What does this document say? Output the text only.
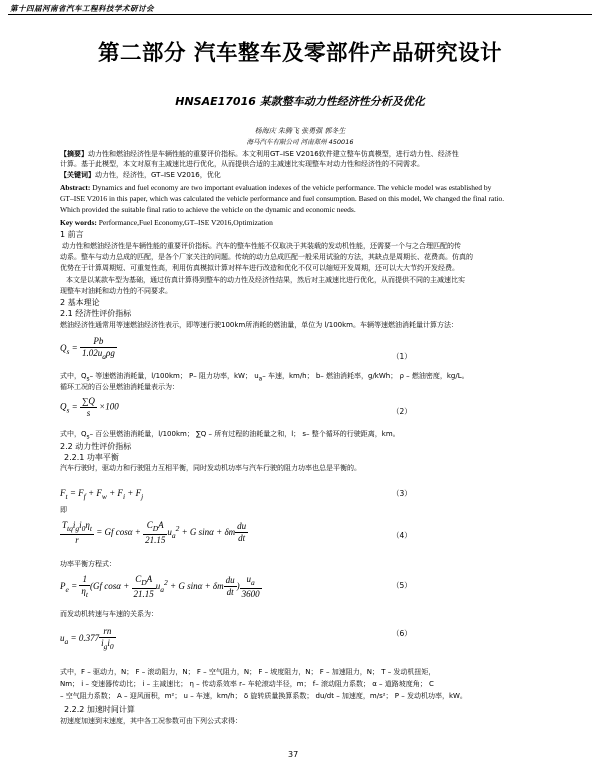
第十四届河南省汽车工程科技学术研讨会
第二部分 汽车整车及零部件产品研究设计
HNSAE17016 某款整车动力性经济性分析及优化
杨海庆 朱腾飞 张勇强 郭冬生
海马汽车有限公司 河南郑州 450016
【摘要】动力性和燃油经济性是车辆性能的重要评价指标。本文利用GT–ISE V2016软件建立整车仿真模型，进行动力性、经济性
计算。基于此模型，本文对原有主减速比进行优化，从而提供合适的主减速比实现整车对动力性和经济性的不同需求。
【关键词】动力性，经济性，GT–ISE V2016，优化
Abstract: Dynamics and fuel economy are two important evaluation indexes of the vehicle performance. The vehicle model was established by
GT–ISE V2016 in this paper, which was calculated the vehicle performance and fuel consumption. Based on this model, We changed the final ratio.
Which provided the suitable final ratio to achieve the vehicle on the dynamic and economic needs.
Key words: Performance,Fuel Economy,GT–ISE V2016,Optimization
1 前言
动力性和燃油经济性是车辆性能的重要评价指标。汽车的整车性能不仅取决于其装载的发动机性能，还需要一个与之合理匹配的传
动系。整车与动力总成的匹配，是各个厂家关注的问题。传统的动力总成匹配一般采用试验的方法，其缺点是周期长、花费高。仿真的
优势在于计算周期短、可重复性高，利用仿真模拟计算对样车进行改造和优化不仅可以缩短开发周期，还可以大大节约开发经费。
本文是以某款车型为基础，通过仿真计算得到整车的动力性及经济性结果，然后对主减速比进行优化，从而提供不同的主减速比实
现整车对油耗和动力性的不同要求。
2 基本理论
2.1 经济性评价指标
燃油经济性通常用等速燃油经济性表示，即等速行驶100km所消耗的燃油量，单位为 l/100km。车辆等速燃油消耗量计算方法：
$Q_s = \frac{Pb}{1.02u_a\rho g}$	（1）
式中，$Q_s-$ 等速燃油消耗量，l/100km； P– 阻力功率，kW； $u_a-$ 车速，km/h； b– 燃油消耗率，g/kWh； ρ – 燃油密度，kg/L。
循环工况的百公里燃油消耗量表示为：
$Q_s = \frac{\sum Q}{s} \times 100$	（2）
式中，$Q_s-$ 百公里燃油消耗量，l/100km； ∑Q – 所有过程的油耗量之和，l； s– 整个循环的行驶距离，km。
2.2 动力性评价指标
2.2.1 功率平衡
汽车行驶时，驱动力和行驶阻力互相平衡，同时发动机功率与汽车行驶的阻力功率也总是平衡的。
$F_t = F_f + F_w + F_i + F_j$	（3）
即
$\frac{T_{tq}i_gi_0\eta_t}{r} = Gf$ $\cos\alpha + \frac{C_DA}{21.15} u_a^2 + G$ sinα + δm $\frac{du}{dt}$	（4）
功率平衡方程式：
$P_e = \frac{1}{\eta_t} (Gf$ $\cos\alpha + \frac{C_DA}{21.15} u_a^2 + G$ sinα + δm $\frac{du}{dt}$ ) $\frac{u_a}{3600}$	（5）
而发动机转速与车速的关系为：
$u_a = 0.377 \frac{rn}{i_gi_0}$	（6）
式中，F – 驱动力，N； F – 滚动阻力，N； F – 空气阻力，N； F – 坡度阻力，N； F – 加速阻力，N； T – 发动机扭矩，
Nm； i – 变速器传动比； i – 主减速比； η – 传动系效率 r– 车轮滚动半径，m； f– 滚动阻力系数； α – 道路坡度角； C
– 空气阻力系数； A – 迎风面积，m²； u – 车速，km/h； δ 旋转质量换算系数； du/dt – 加速度，m/s²； P – 发动机功率，kW。
2.2.2 加速时间计算
初速度加速到末速度，其中各工况参数可由下列公式求得：
37
